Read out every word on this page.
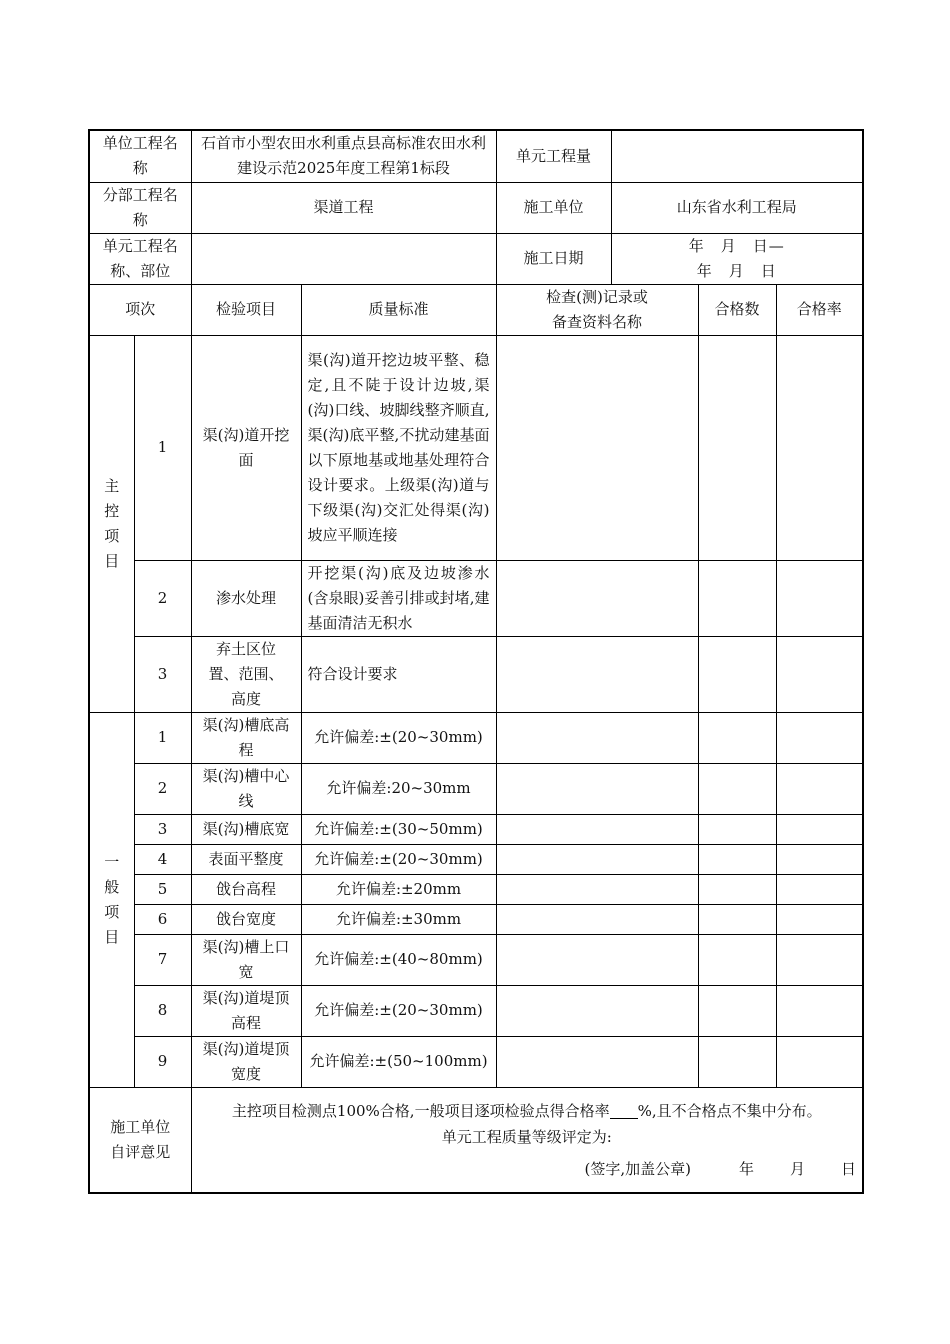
单位工程名称		石首市小型农田水利重点县高标准农田水利建设示范2025年度工程第1标段		单元工程量			
分部工程名称		渠道工程		施工单位	山东省水利工程局		
单元工程名称、部位				施工日期	年　月　日—
年　月　日		

项次		检验项目	质量标准	检查(测)记录或备查资料名称		合格数	合格率
主控项目	1	渠(沟)道开挖面	渠(沟)道开挖边坡平整、稳定,且不陡于设计边坡,渠(沟)口线、坡脚线整齐顺直,渠(沟)底平整,不扰动建基面以下原地基或地基处理符合设计要求。上级渠(沟)道与下级渠(沟)交汇处得渠(沟)坡应平顺连接				

	2	渗水处理	开挖渠(沟)底及边坡渗水(含泉眼)妥善引排或封堵,建基面清洁无积水				

	3	弃土区位置、范围、高度	符合设计要求				
一般项目	1	渠(沟)槽底高程	允许偏差:±(20~30mm)				
	2	渠(沟)槽中心线	允许偏差:20~30mm				
	3	渠(沟)槽底宽	允许偏差:±(30~50mm)				
	4	表面平整度	允许偏差:±(20~30mm)				
	5	戗台高程	允许偏差:±20mm				
	6	戗台宽度	允许偏差:±30mm				
	7	渠(沟)槽上口宽	允许偏差:±(40~80mm)				
	8	渠(沟)道堤顶高程	允许偏差:±(20~30mm)				
	9	渠(沟)道堤顶宽度	允许偏差:±(50~100mm)				
施工单位自评意见		主控项目检测点100%合格,一般项目逐项检验点得合格率 %,且不合格点不集中分布。

单元工程质量等级评定为:

(签字,加盖公章) 年 月 日					
